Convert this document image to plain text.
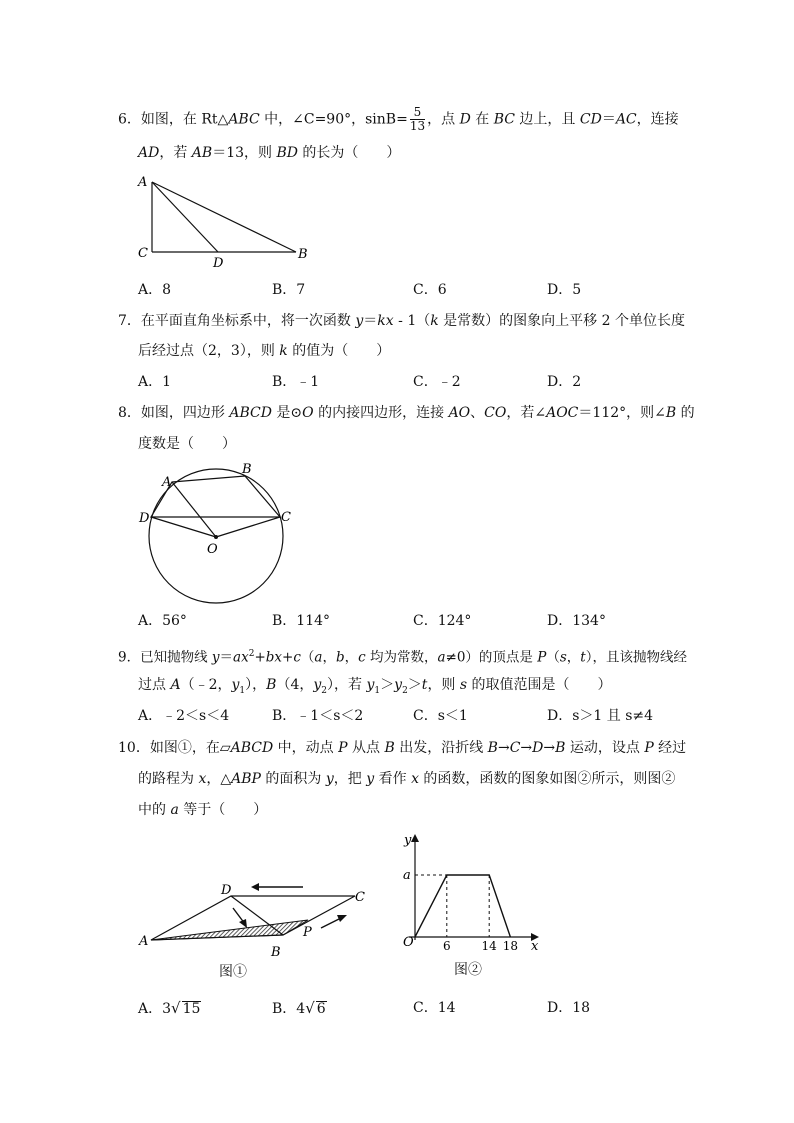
6．如图，在 Rt△ABC 中，∠C=90°，$\sin B= \frac{5}{13}$ ，点 D 在 BC 边上，且 CD＝AC，连接
AD，若 AB＝13，则 BD 的长为（　　）
A
C
D
B
A．8	B．7	C．6	D．5
7．在平面直角坐标系中，将一次函数 y＝kx - 1（k 是常数）的图象向上平移 2 个单位长度
后经过点（2，3），则 k 的值为（　　）
A．1	B．﹣1	C．﹣2	D．2
8．如图，四边形 ABCD 是⊙O 的内接四边形，连接 AO、CO，若∠AOC＝112°，则∠B 的
度数是（　　）
A
B
C
D
O
A．56°	B．114°	C．124°	D．134°
9．已知抛物线 $y=ax^2+bx+c(a$，b，c 均为常数，a≠0）的顶点是 P（s，t），且该抛物线经
过点 A（﹣2，$y_1$），B（4，$y_2$），若 $y_1>y_2>t$，则 s 的取值范围是（　　）
A．﹣2＜s＜4	B．﹣1＜s＜2	C．s＜1	D．s＞1 且 s≠4
10．如图①，在▱ABCD 中，动点 P 从点 B 出发，沿折线 B→C→D→B 运动，设点 P 经过
的路程为 x，△ABP 的面积为 y，把 y 看作 x 的函数，函数的图象如图②所示，则图②
中的 a 等于（　　）
A
D	C
B
P
图①
y
x
a
O 6	14 18
图②
A．3√ 15	B．4√ 6	C．14	D．18
